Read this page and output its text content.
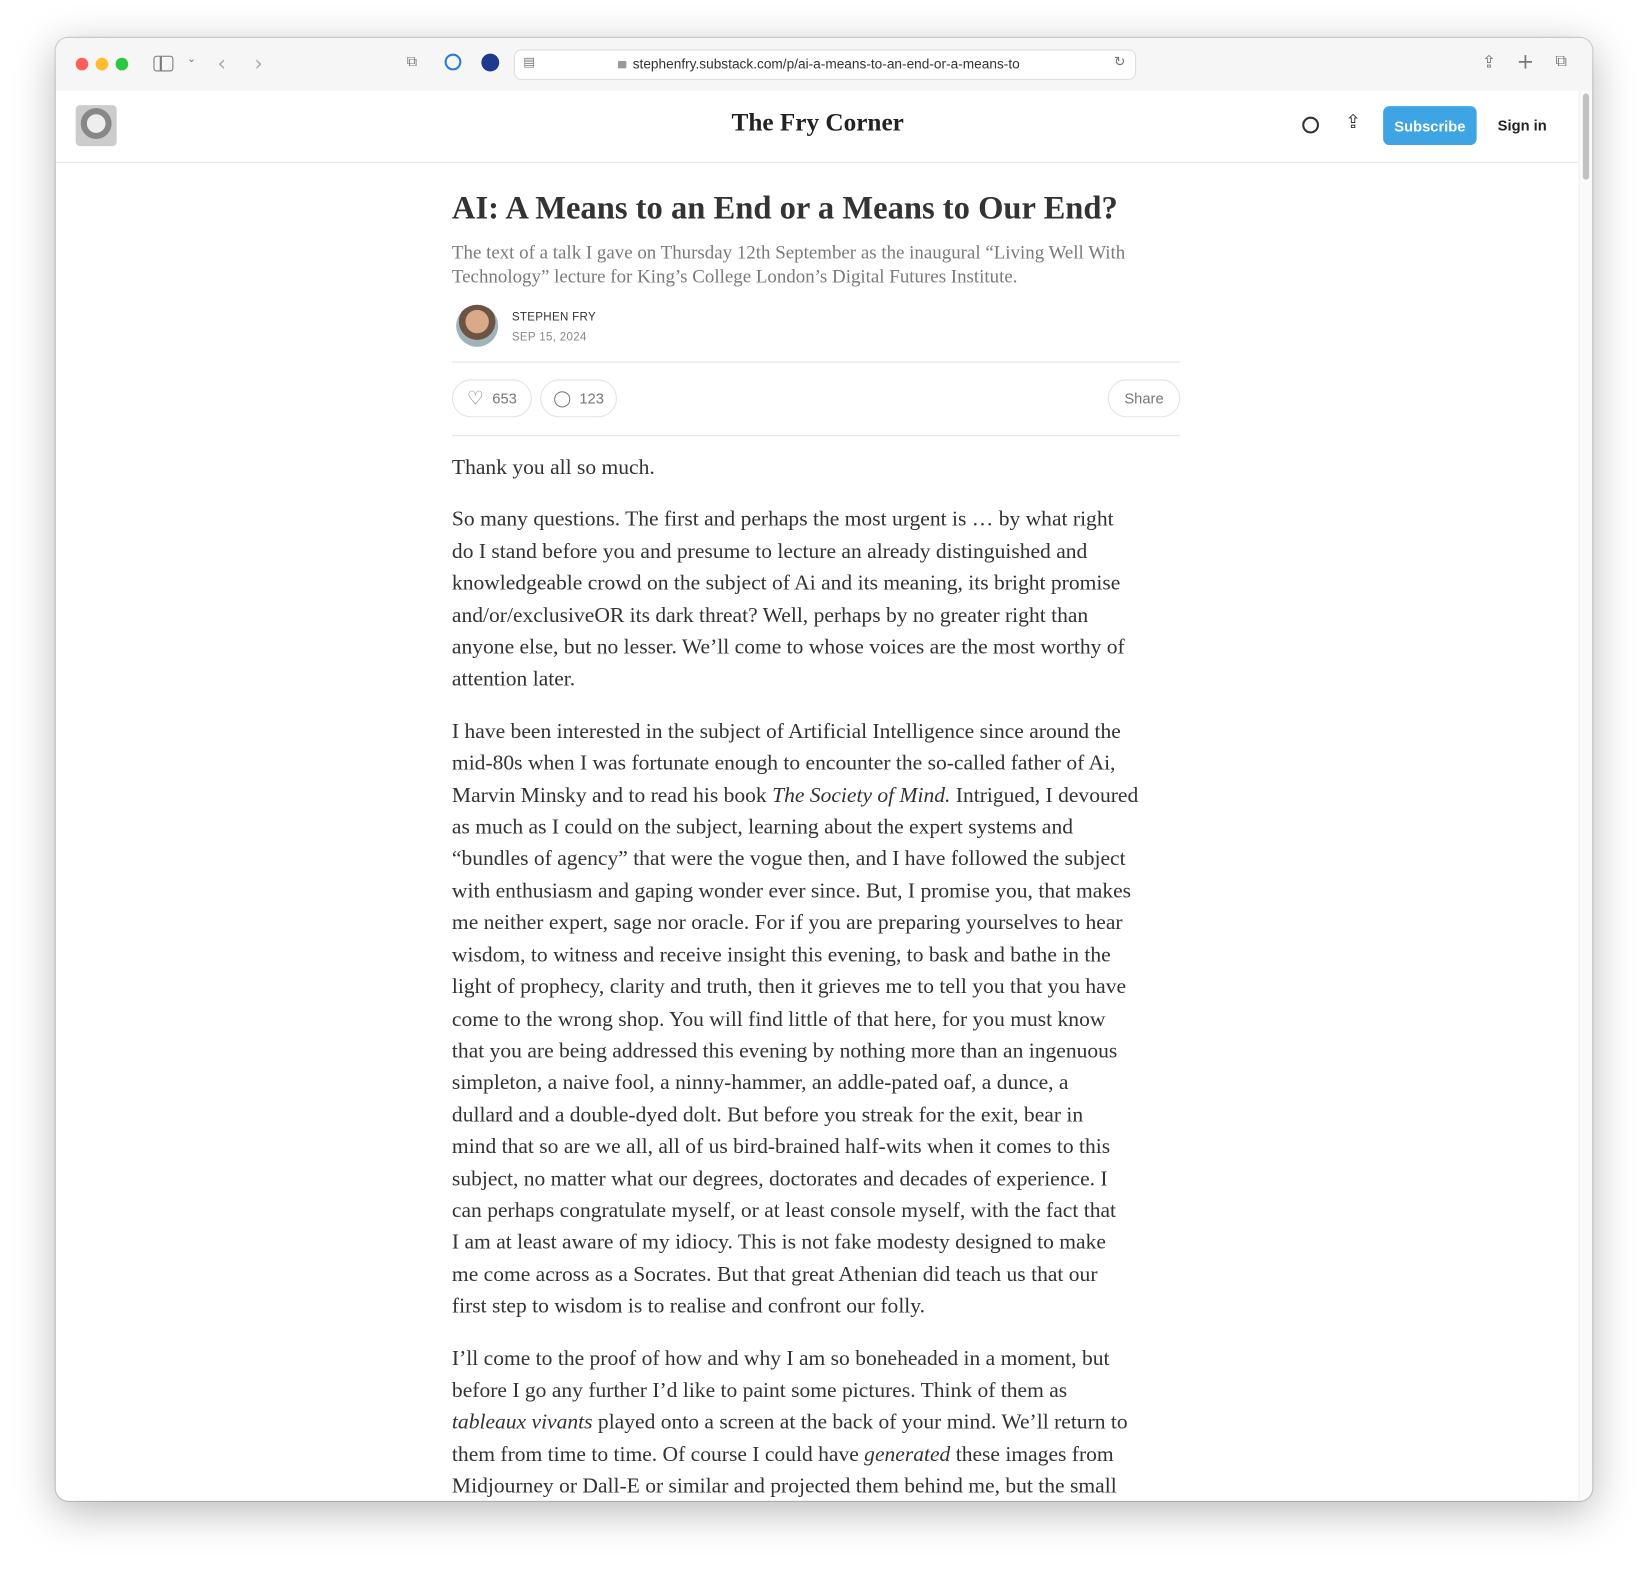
⌄ ‹ ›	⧉	▤	stephenfry.substack.com/p/ai-a-means-to-an-end-or-a-means-to	↻	⇪ + ⧉
The Fry Corner	⇪	Subscribe	Sign in
AI: A Means to an End or a Means to Our End?
The text of a talk I gave on Thursday 12th September as the inaugural “Living Well With Technology” lecture for King’s College London’s Digital Futures Institute.
STEPHEN FRY
SEP 15, 2024
♡ 653 ◯ 123	Share

Thank you all so much.

So many questions. The first and perhaps the most urgent is … by what right
do I stand before you and presume to lecture an already distinguished and
knowledgeable crowd on the subject of Ai and its meaning, its bright promise
and/or/exclusiveOR its dark threat? Well, perhaps by no greater right than
anyone else, but no lesser. We’ll come to whose voices are the most worthy of
attention later.

I have been interested in the subject of Artificial Intelligence since around the
mid-80s when I was fortunate enough to encounter the so-called father of Ai,
Marvin Minsky and to read his book The Society of Mind. Intrigued, I devoured
as much as I could on the subject, learning about the expert systems and
“bundles of agency” that were the vogue then, and I have followed the subject
with enthusiasm and gaping wonder ever since. But, I promise you, that makes
me neither expert, sage nor oracle. For if you are preparing yourselves to hear
wisdom, to witness and receive insight this evening, to bask and bathe in the
light of prophecy, clarity and truth, then it grieves me to tell you that you have
come to the wrong shop. You will find little of that here, for you must know
that you are being addressed this evening by nothing more than an ingenuous
simpleton, a naive fool, a ninny-hammer, an addle-pated oaf, a dunce, a
dullard and a double-dyed dolt. But before you streak for the exit, bear in
mind that so are we all, all of us bird-brained half-wits when it comes to this
subject, no matter what our degrees, doctorates and decades of experience. I
can perhaps congratulate myself, or at least console myself, with the fact that
I am at least aware of my idiocy. This is not fake modesty designed to make
me come across as a Socrates. But that great Athenian did teach us that our
first step to wisdom is to realise and confront our folly.

I’ll come to the proof of how and why I am so boneheaded in a moment, but
before I go any further I’d like to paint some pictures. Think of them as
tableaux vivants played onto a screen at the back of your mind. We’ll return to
them from time to time. Of course I could have generated these images from
Midjourney or Dall-E or similar and projected them behind me, but the small
